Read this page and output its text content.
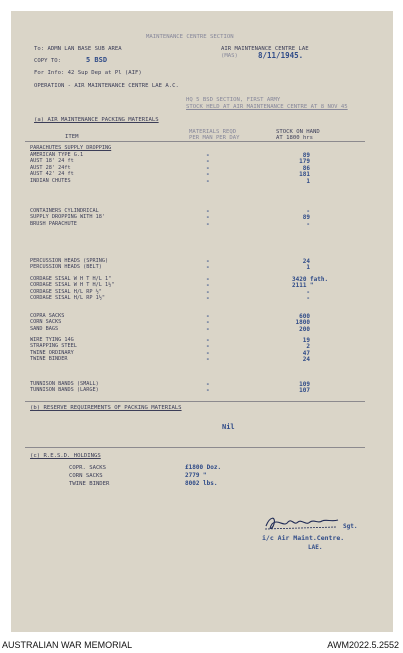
MAINTENANCE CENTRE SECTION
To: ADMN LAN BASE SUB AREA	AIR MAINTENANCE CENTRE LAE
(MAS)	8/11/1945.
COPY TO:	5 BSD
For Info: 42 Sup Dep at Pl (AIF)
OPERATION - AIR MAINTENANCE CENTRE LAE A.C.
HQ 5 BSD SECTION, FIRST ARMY
STOCK HELD AT AIR MAINTENANCE CENTRE AT 8 NOV 45
(a) AIR MAINTENANCE PACKING MATERIALS
ITEM
MATERIALS REQD
PER MAN PER DAY
STOCK ON HAND
AT 1800 hrs
PARACHUTES SUPPLY DROPPING
AMERICAN TYPE G.1	-	89
AUST 18' 24 ft	-	179
AUST 28' 24ft	-	86
AUST 42' 24 ft	-	181
INDIAN CHUTES	-	1
CONTAINERS CYLINDRICAL	-	-
SUPPLY DROPPING WITH 18'	-	89
BRUSH PARACHUTE	-	-
PERCUSSION HEADS (SPRING)	-	24
PERCUSSION HEADS (BELT)	-	1
CORDAGE SISAL W H T H/L 1"	-	3420 fath.
CORDAGE SISAL W H T H/L 1½"	-	2111 "
CORDAGE SISAL H/L RP ½"	-	-
CORDAGE SISAL H/L RP 1½"	-	-
COPRA SACKS	-	600
CORN SACKS	-	1800
SAND BAGS	-	200
WIRE TYING 14G	-	19
STRAPPING STEEL	-	2
TWINE ORDINARY	-	47
TWINE BINDER	-	24
TUNNISON BANDS (SMALL)	-	109
TUNNISON BANDS (LARGE)	-	107
(b) RESERVE REQUIREMENTS OF PACKING MATERIALS
Nil
(c) R.E.S.D. HOLDINGS
COPR. SACKS	£1800 Doz.
CORN SACKS	2779 "
TWINE BINDER	8002 lbs.
Sgt.
i/c Air Maint.Centre.
LAE.
AUSTRALIAN WAR MEMORIAL	AWM2022.5.2552
